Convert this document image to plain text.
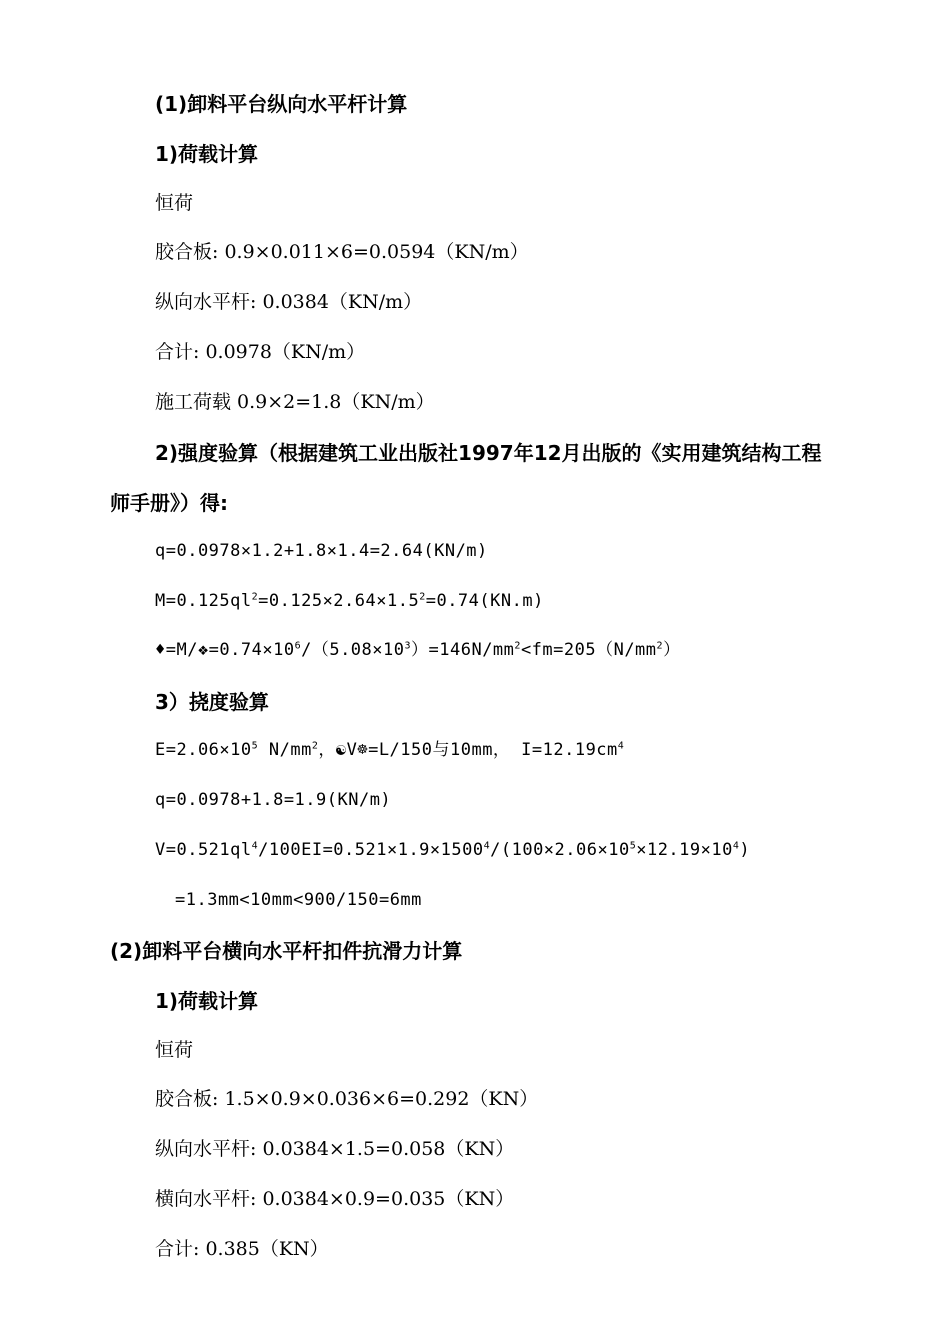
(1)卸料平台纵向水平杆计算
1)荷载计算
恒荷
胶合板: 0.9×0.011×6=0.0594（KN/m）
纵向水平杆: 0.0384（KN/m）
合计: 0.0978（KN/m）
施工荷载 0.9×2=1.8（KN/m）
2)强度验算（根据建筑工业出版社1997年12月出版的《实用建筑结构工程
师手册》）得:
q=0.0978×1.2+1.8×1.4=2.64(KN/m)
$M=0.125ql^2=0.125\times 2.64\times 1.5^2=0.74(KN.m)$
$♦=M/❖=0.74\times 10^6/(5.08\times 10^3)=146N/mm^2<fm=205(N/mm^2)$
3）挠度验算
$E=2.06\times 10^5$ $N/mm^2$，☯V☸=L/150与10mm， $I=12.19cm^4$
q=0.0978+1.8=1.9(KN/m)
$V=0.521ql^4/100EI=0.521\times 1.9\times 1500^4/(100\times 2.06\times 10^5\times 12.19\times 10^4)$
=1.3mm<10mm<900/150=6mm
(2)卸料平台横向水平杆扣件抗滑力计算
1)荷载计算
恒荷
胶合板: 1.5×0.9×0.036×6=0.292（KN）
纵向水平杆: 0.0384×1.5=0.058（KN）
横向水平杆: 0.0384×0.9=0.035（KN）
合计: 0.385（KN）
